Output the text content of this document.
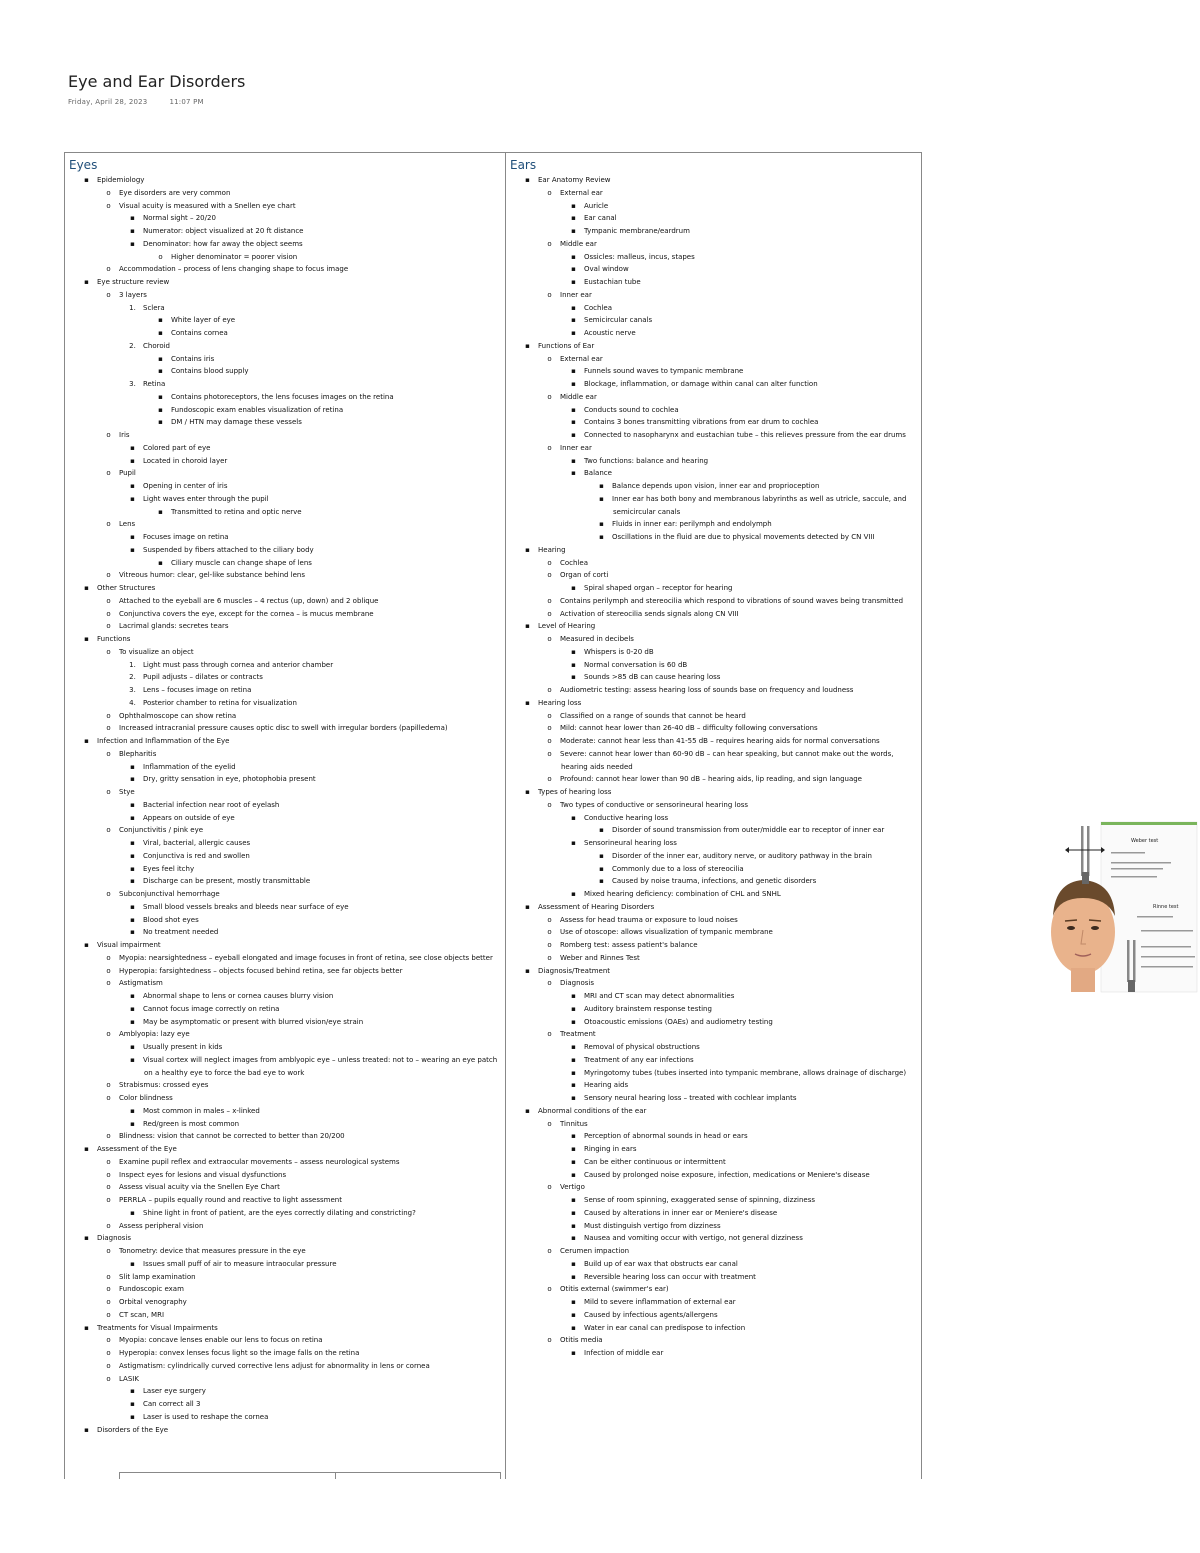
Eye and Ear Disorders
Friday, April 28, 2023	11:07 PM
Eyes
▪ Epidemiology
o Eye disorders are very common
o Visual acuity is measured with a Snellen eye chart
▪ Normal sight – 20/20
▪ Numerator: object visualized at 20 ft distance
▪ Denominator: how far away the object seems
o Higher denominator = poorer vision
o Accommodation – process of lens changing shape to focus image
▪ Eye structure review
o 3 layers
1. Sclera
▪ White layer of eye
▪ Contains cornea
2. Choroid
▪ Contains iris
▪ Contains blood supply
3. Retina
▪ Contains photoreceptors, the lens focuses images on the retina
▪ Fundoscopic exam enables visualization of retina
▪ DM / HTN may damage these vessels
o Iris
▪ Colored part of eye
▪ Located in choroid layer
o Pupil
▪ Opening in center of iris
▪ Light waves enter through the pupil
▪ Transmitted to retina and optic nerve
o Lens
▪ Focuses image on retina
▪ Suspended by fibers attached to the ciliary body
▪ Ciliary muscle can change shape of lens
o Vitreous humor: clear, gel-like substance behind lens
▪ Other Structures
o Attached to the eyeball are 6 muscles – 4 rectus (up, down) and 2 oblique
o Conjunctiva covers the eye, except for the cornea – is mucus membrane
o Lacrimal glands: secretes tears
▪ Functions
o To visualize an object
1. Light must pass through cornea and anterior chamber
2. Pupil adjusts – dilates or contracts
3. Lens – focuses image on retina
4. Posterior chamber to retina for visualization
o Ophthalmoscope can show retina
o Increased intracranial pressure causes optic disc to swell with irregular borders (papilledema)
▪ Infection and Inflammation of the Eye
o Blepharitis
▪ Inflammation of the eyelid
▪ Dry, gritty sensation in eye, photophobia present
o Stye
▪ Bacterial infection near root of eyelash
▪ Appears on outside of eye
o Conjunctivitis / pink eye
▪ Viral, bacterial, allergic causes
▪ Conjunctiva is red and swollen
▪ Eyes feel itchy
▪ Discharge can be present, mostly transmittable
o Subconjunctival hemorrhage
▪ Small blood vessels breaks and bleeds near surface of eye
▪ Blood shot eyes
▪ No treatment needed
▪ Visual impairment
o Myopia: nearsightedness – eyeball elongated and image focuses in front of retina, see close objects better
o Hyperopia: farsightedness – objects focused behind retina, see far objects better
o Astigmatism
▪ Abnormal shape to lens or cornea causes blurry vision
▪ Cannot focus image correctly on retina
▪ May be asymptomatic or present with blurred vision/eye strain
o Amblyopia: lazy eye
▪ Usually present in kids
▪ Visual cortex will neglect images from amblyopic eye – unless treated: not to – wearing an eye patch on a healthy eye to force the bad eye to work
o Strabismus: crossed eyes
o Color blindness
▪ Most common in males – x-linked
▪ Red/green is most common
o Blindness: vision that cannot be corrected to better than 20/200
▪ Assessment of the Eye
o Examine pupil reflex and extraocular movements – assess neurological systems
o Inspect eyes for lesions and visual dysfunctions
o Assess visual acuity via the Snellen Eye Chart
o PERRLA – pupils equally round and reactive to light assessment
▪ Shine light in front of patient, are the eyes correctly dilating and constricting?
o Assess peripheral vision
▪ Diagnosis
o Tonometry: device that measures pressure in the eye
▪ Issues small puff of air to measure intraocular pressure
o Slit lamp examination
o Fundoscopic exam
o Orbital venography
o CT scan, MRI
▪ Treatments for Visual Impairments
o Myopia: concave lenses enable our lens to focus on retina
o Hyperopia: convex lenses focus light so the image falls on the retina
o Astigmatism: cylindrically curved corrective lens adjust for abnormality in lens or cornea
o LASIK
▪ Laser eye surgery
▪ Can correct all 3
▪ Laser is used to reshape the cornea
▪ Disorders of the Eye
Ears
▪ Ear Anatomy Review
o External ear
▪ Auricle
▪ Ear canal
▪ Tympanic membrane/eardrum
o Middle ear
▪ Ossicles: malleus, incus, stapes
▪ Oval window
▪ Eustachian tube
o Inner ear
▪ Cochlea
▪ Semicircular canals
▪ Acoustic nerve
▪ Functions of Ear
o External ear
▪ Funnels sound waves to tympanic membrane
▪ Blockage, inflammation, or damage within canal can alter function
o Middle ear
▪ Conducts sound to cochlea
▪ Contains 3 bones transmitting vibrations from ear drum to cochlea
▪ Connected to nasopharynx and eustachian tube – this relieves pressure from the ear drums
o Inner ear
▪ Two functions: balance and hearing
▪ Balance
▪ Balance depends upon vision, inner ear and proprioception
▪ Inner ear has both bony and membranous labyrinths as well as utricle, saccule, and semicircular canals
▪ Fluids in inner ear: perilymph and endolymph
▪ Oscillations in the fluid are due to physical movements detected by CN VIII
▪ Hearing
o Cochlea
o Organ of corti
▪ Spiral shaped organ – receptor for hearing
o Contains perilymph and stereocilia which respond to vibrations of sound waves being transmitted
o Activation of stereocilia sends signals along CN VIII
▪ Level of Hearing
o Measured in decibels
▪ Whispers is 0-20 dB
▪ Normal conversation is 60 dB
▪ Sounds >85 dB can cause hearing loss
o Audiometric testing: assess hearing loss of sounds base on frequency and loudness
▪ Hearing loss
o Classified on a range of sounds that cannot be heard
o Mild: cannot hear lower than 26-40 dB – difficulty following conversations
o Moderate: cannot hear less than 41-55 dB – requires hearing aids for normal conversations
o Severe: cannot hear lower than 60-90 dB – can hear speaking, but cannot make out the words, hearing aids needed
o Profound: cannot hear lower than 90 dB – hearing aids, lip reading, and sign language
▪ Types of hearing loss
o Two types of conductive or sensorineural hearing loss
▪ Conductive hearing loss
▪ Disorder of sound transmission from outer/middle ear to receptor of inner ear
▪ Sensorineural hearing loss
▪ Disorder of the inner ear, auditory nerve, or auditory pathway in the brain
▪ Commonly due to a loss of stereocilia
▪ Caused by noise trauma, infections, and genetic disorders
▪ Mixed hearing deficiency: combination of CHL and SNHL
▪ Assessment of Hearing Disorders
o Assess for head trauma or exposure to loud noises
o Use of otoscope: allows visualization of tympanic membrane
o Romberg test: assess patient's balance
o Weber and Rinnes Test
▪ Diagnosis/Treatment
o Diagnosis
▪ MRI and CT scan may detect abnormalities
▪ Auditory brainstem response testing
▪ Otoacoustic emissions (OAEs) and audiometry testing
o Treatment
▪ Removal of physical obstructions
▪ Treatment of any ear infections
▪ Myringotomy tubes (tubes inserted into tympanic membrane, allows drainage of discharge)
▪ Hearing aids
▪ Sensory neural hearing loss – treated with cochlear implants
▪ Abnormal conditions of the ear
o Tinnitus
▪ Perception of abnormal sounds in head or ears
▪ Ringing in ears
▪ Can be either continuous or intermittent
▪ Caused by prolonged noise exposure, infection, medications or Meniere's disease
o Vertigo
▪ Sense of room spinning, exaggerated sense of spinning, dizziness
▪ Caused by alterations in inner ear or Meniere's disease
▪ Must distinguish vertigo from dizziness
▪ Nausea and vomiting occur with vertigo, not general dizziness
o Cerumen impaction
▪ Build up of ear wax that obstructs ear canal
▪ Reversible hearing loss can occur with treatment
o Otitis external (swimmer's ear)
▪ Mild to severe inflammation of external ear
▪ Caused by infectious agents/allergens
▪ Water in ear canal can predispose to infection
o Otitis media
▪ Infection of middle ear
Weber test
Rinne test
